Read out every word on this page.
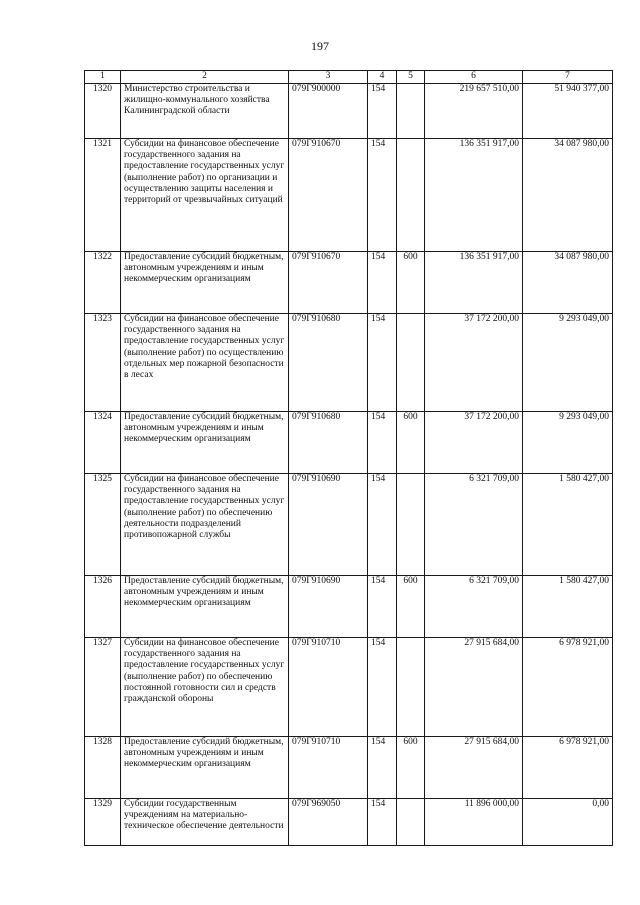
197
1	2	3	4	5	6	7
1320	Министерство строительства и жилищно-коммунального хозяйства Калининградской области	079Г900000	154		219 657 510,00	51 940 377,00
1321	Субсидии на финансовое обеспечение государственного задания на предоставление государственных услуг (выполнение работ) по организации и осуществлению защиты населения и территорий от чрезвычайных ситуаций	079Г910670	154		136 351 917,00	34 087 980,00
1322	Предоставление субсидий бюджетным, автономным учреждениям и иным некоммерческим организациям	079Г910670	154	600	136 351 917,00	34 087 980,00
1323	Субсидии на финансовое обеспечение государственного задания на предоставление государственных услуг (выполнение работ) по осуществлению отдельных мер пожарной безопасности в лесах	079Г910680	154		37 172 200,00	9 293 049,00
1324	Предоставление субсидий бюджетным, автономным учреждениям и иным некоммерческим организациям	079Г910680	154	600	37 172 200,00	9 293 049,00
1325	Субсидии на финансовое обеспечение государственного задания на предоставление государственных услуг (выполнение работ) по обеспечению деятельности подразделений противопожарной службы	079Г910690	154		6 321 709,00	1 580 427,00
1326	Предоставление субсидий бюджетным, автономным учреждениям и иным некоммерческим организациям	079Г910690	154	600	6 321 709,00	1 580 427,00
1327	Субсидии на финансовое обеспечение государственного задания на предоставление государственных услуг (выполнение работ) по обеспечению постоянной готовности сил и средств гражданской обороны	079Г910710	154		27 915 684,00	6 978 921,00
1328	Предоставление субсидий бюджетным, автономным учреждениям и иным некоммерческим организациям	079Г910710	154	600	27 915 684,00	6 978 921,00
1329	Субсидии государственным учреждениям на материально-техническое обеспечение деятельности	079Г969050	154		11 896 000,00	0,00
